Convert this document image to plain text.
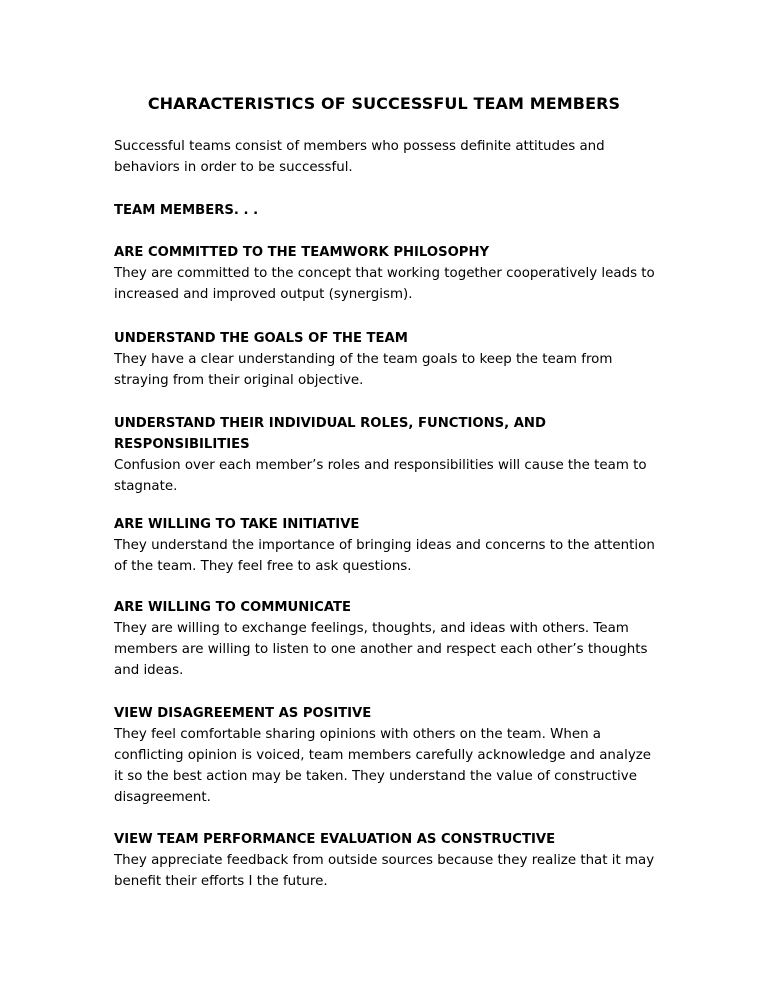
CHARACTERISTICS OF SUCCESSFUL TEAM MEMBERS
Successful teams consist of members who possess definite attitudes and behaviors in order to be successful.
TEAM MEMBERS. . .
ARE COMMITTED TO THE TEAMWORK PHILOSOPHY
They are committed to the concept that working together cooperatively leads to increased and improved output (synergism).
UNDERSTAND THE GOALS OF THE TEAM
They have a clear understanding of the team goals to keep the team from straying from their original objective.
UNDERSTAND THEIR INDIVIDUAL ROLES, FUNCTIONS, AND RESPONSIBILITIES
Confusion over each member’s roles and responsibilities will cause the team to stagnate.
ARE WILLING TO TAKE INITIATIVE
They understand the importance of bringing ideas and concerns to the attention of the team. They feel free to ask questions.
ARE WILLING TO COMMUNICATE
They are willing to exchange feelings, thoughts, and ideas with others. Team members are willing to listen to one another and respect each other’s thoughts and ideas.
VIEW DISAGREEMENT AS POSITIVE
They feel comfortable sharing opinions with others on the team. When a conflicting opinion is voiced, team members carefully acknowledge and analyze it so the best action may be taken. They understand the value of constructive disagreement.
VIEW TEAM PERFORMANCE EVALUATION AS CONSTRUCTIVE
They appreciate feedback from outside sources because they realize that it may benefit their efforts I the future.
